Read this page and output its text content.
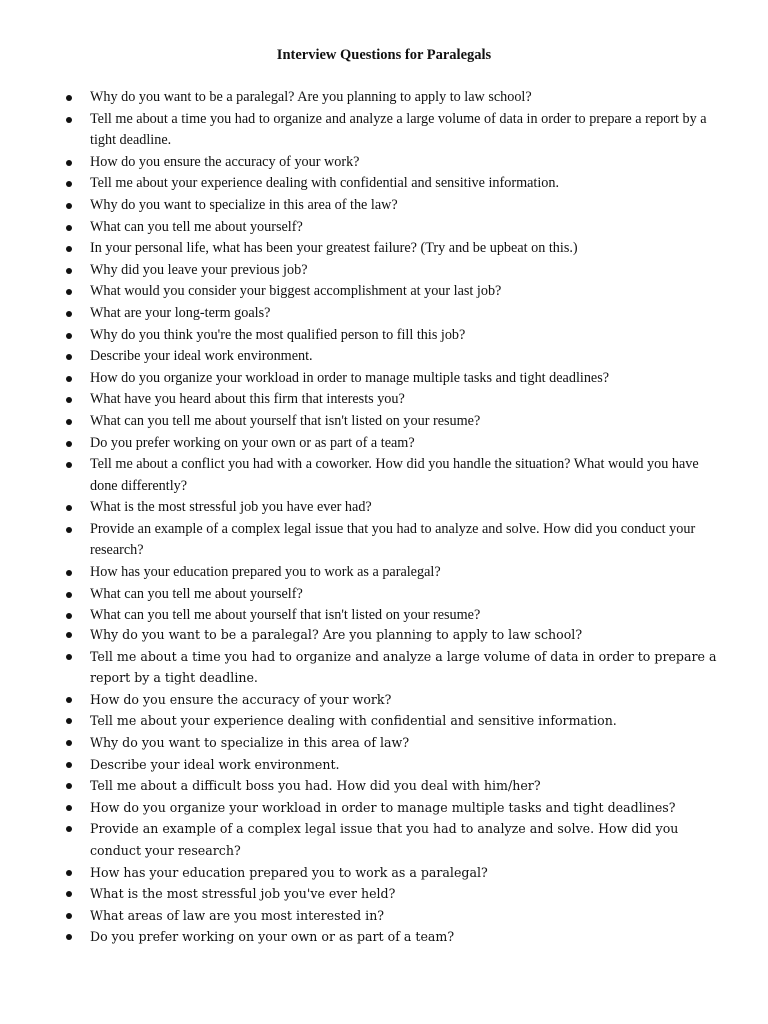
Interview Questions for Paralegals
Why do you want to be a paralegal? Are you planning to apply to law school?
Tell me about a time you had to organize and analyze a large volume of data in order to prepare a report by a tight deadline.
How do you ensure the accuracy of your work?
Tell me about your experience dealing with confidential and sensitive information.
Why do you want to specialize in this area of the law?
What can you tell me about yourself?
In your personal life, what has been your greatest failure? (Try and be upbeat on this.)
Why did you leave your previous job?
What would you consider your biggest accomplishment at your last job?
What are your long-term goals?
Why do you think you're the most qualified person to fill this job?
Describe your ideal work environment.
How do you organize your workload in order to manage multiple tasks and tight deadlines?
What have you heard about this firm that interests you?
What can you tell me about yourself that isn't listed on your resume?
Do you prefer working on your own or as part of a team?
Tell me about a conflict you had with a coworker. How did you handle the situation? What would you have done differently?
What is the most stressful job you have ever had?
Provide an example of a complex legal issue that you had to analyze and solve. How did you conduct your research?
How has your education prepared you to work as a paralegal?
What can you tell me about yourself?
What can you tell me about yourself that isn't listed on your resume?
Why do you want to be a paralegal? Are you planning to apply to law school?
Tell me about a time you had to organize and analyze a large volume of data in order to prepare a report by a tight deadline.
How do you ensure the accuracy of your work?
Tell me about your experience dealing with confidential and sensitive information.
Why do you want to specialize in this area of law?
Describe your ideal work environment.
Tell me about a difficult boss you had. How did you deal with him/her?
How do you organize your workload in order to manage multiple tasks and tight deadlines?
Provide an example of a complex legal issue that you had to analyze and solve. How did you conduct your research?
How has your education prepared you to work as a paralegal?
What is the most stressful job you've ever held?
What areas of law are you most interested in?
Do you prefer working on your own or as part of a team?
